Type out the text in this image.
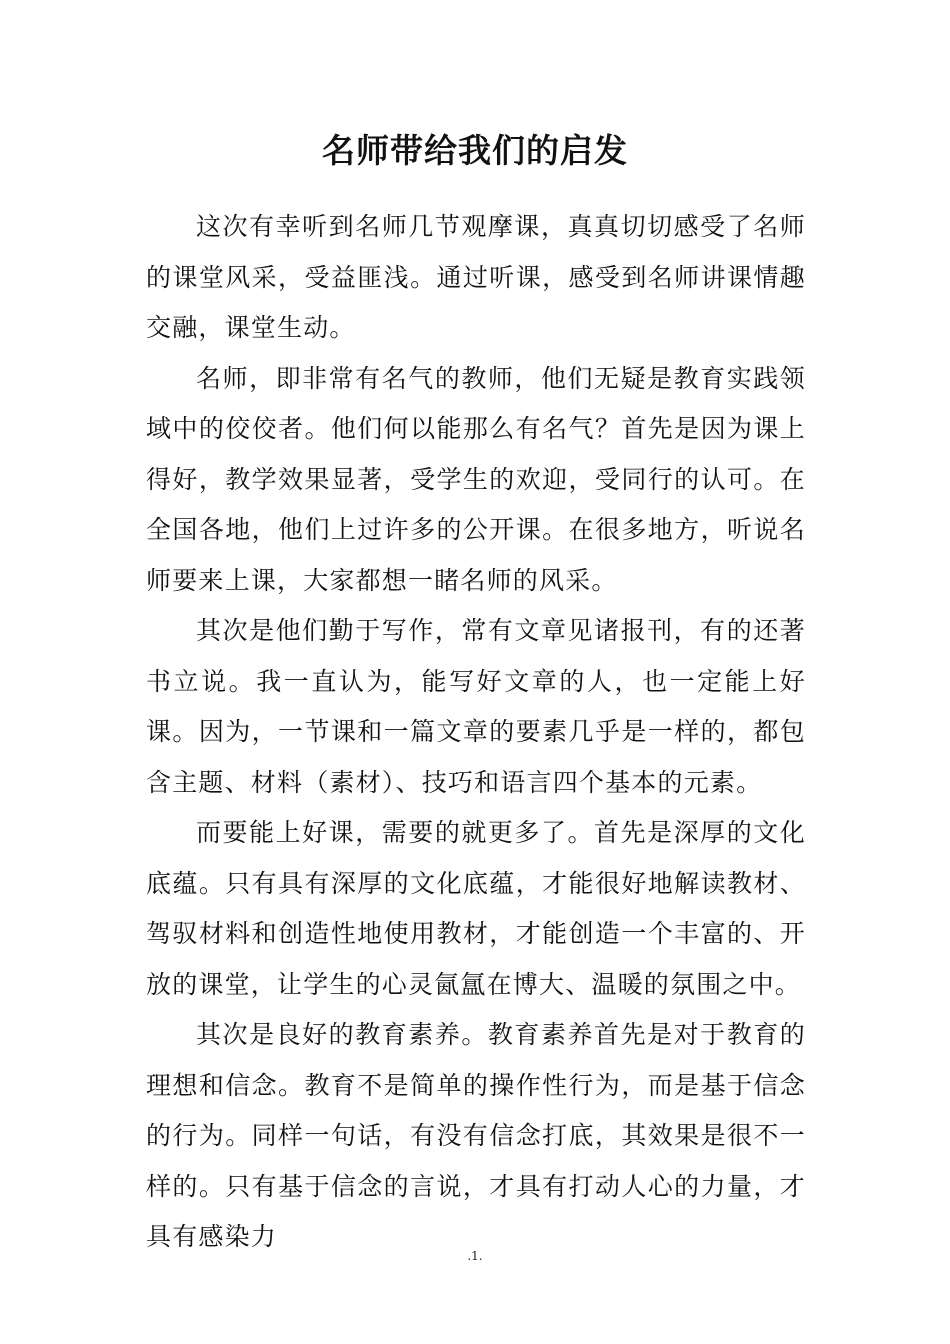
名师带给我们的启发

这次有幸听到名师几节观摩课，真真切切感受了名师的课堂风采，受益匪浅。通过听课，感受到名师讲课情趣交融，课堂生动。

名师，即非常有名气的教师，他们无疑是教育实践领域中的佼佼者。他们何以能那么有名气？首先是因为课上得好，教学效果显著，受学生的欢迎，受同行的认可。在全国各地，他们上过许多的公开课。在很多地方，听说名师要来上课，大家都想一睹名师的风采。

其次是他们勤于写作，常有文章见诸报刊，有的还著书立说。我一直认为，能写好文章的人，也一定能上好课。因为，一节课和一篇文章的要素几乎是一样的，都包含主题、材料（素材）、技巧和语言四个基本的元素。

而要能上好课，需要的就更多了。首先是深厚的文化底蕴。只有具有深厚的文化底蕴，才能很好地解读教材、驾驭材料和创造性地使用教材，才能创造一个丰富的、开放的课堂，让学生的心灵氤氲在博大、温暖的氛围之中。

其次是良好的教育素养。教育素养首先是对于教育的理想和信念。教育不是简单的操作性行为，而是基于信念的行为。同样一句话，有没有信念打底，其效果是很不一样的。只有基于信念的言说，才具有打动人心的力量，才具有感染力

.1.
